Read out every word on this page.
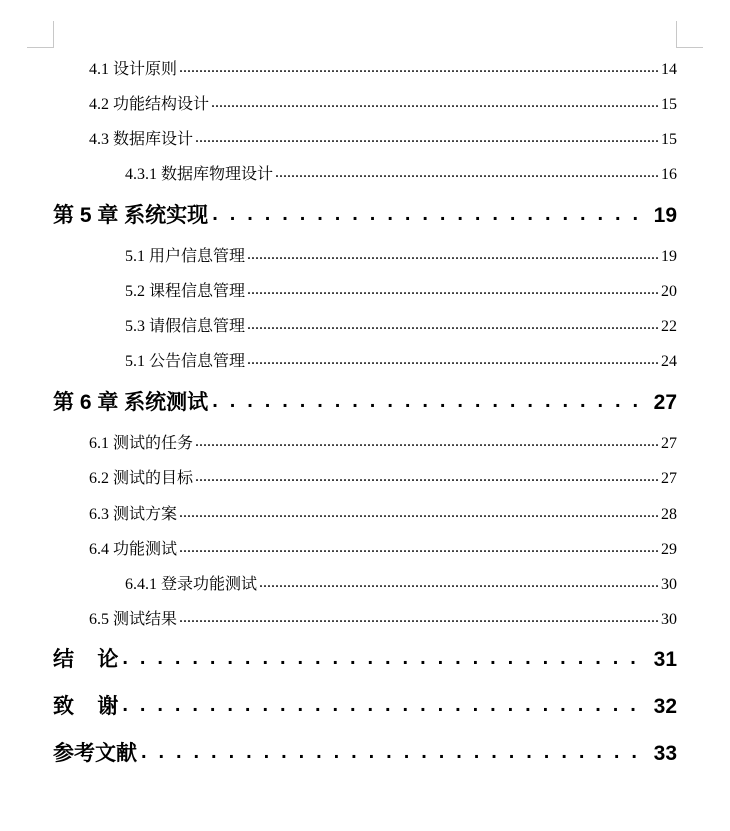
4.1 设计原则 .....	14
4.2 功能结构设计 .....	15
4.3 数据库设计 .....	15
4.3.1 数据库物理设计 .....	16
第 5 章 系统实现 . . .	19
5.1 用户信息管理 .....	19
5.2 课程信息管理 .....	20
5.3 请假信息管理 .....	22
5.1 公告信息管理 .....	24
第 6 章 系统测试 . . .	27
6.1 测试的任务 .....	27
6.2 测试的目标 .....	27
6.3 测试方案 .....	28
6.4 功能测试 .....	29
6.4.1 登录功能测试 .....	30
6.5 测试结果 .....	30
结    论 . . .	31
致    谢 . . .	32
参考文献 . . .	33
